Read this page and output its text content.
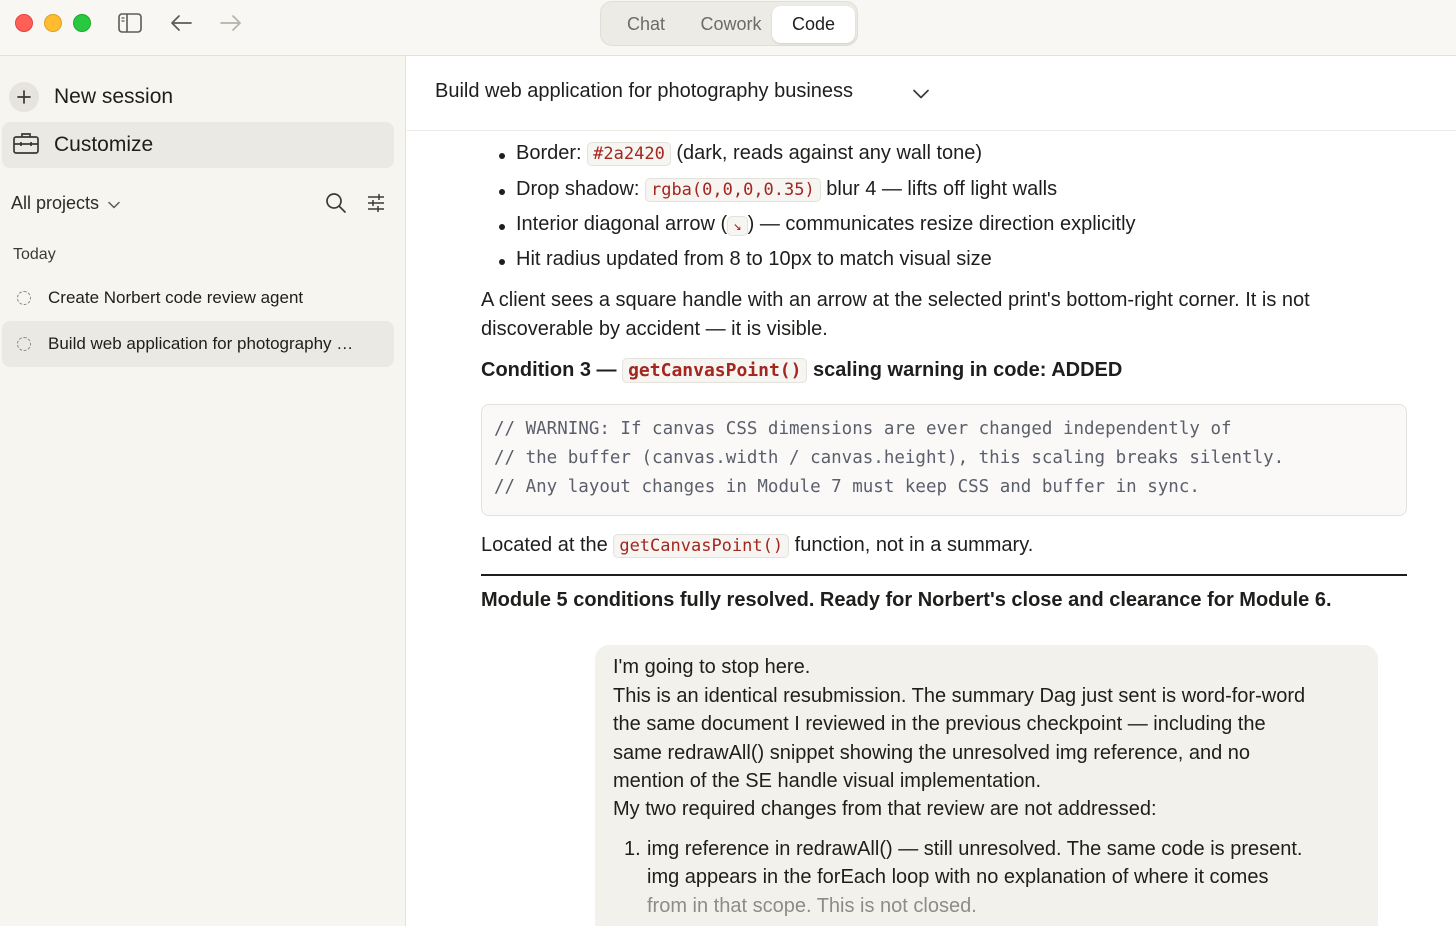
Chat	Cowork	Code
New session
Customize
All projects
Today
Create Norbert code review agent
Build web application for photography …
Border: #2a2420 (dark, reads against any wall tone)
Drop shadow: rgba(0,0,0,0.35) blur 4 — lifts off light walls
Interior diagonal arrow ( ↘ ) — communicates resize direction explicitly
Hit radius updated from 8 to 10px to match visual size
A client sees a square handle with an arrow at the selected print's bottom-right corner. It is not
discoverable by accident — it is visible.
Condition 3 — getCanvasPoint() scaling warning in code: ADDED
// WARNING: If canvas CSS dimensions are ever changed independently of
// the buffer (canvas.width / canvas.height), this scaling breaks silently.
// Any layout changes in Module 7 must keep CSS and buffer in sync.
Located at the getCanvasPoint() function, not in a summary.
Module 5 conditions fully resolved. Ready for Norbert's close and clearance for Module 6.
I'm going to stop here.
This is an identical resubmission. The summary Dag just sent is word-for-word
the same document I reviewed in the previous checkpoint — including the
same redrawAll() snippet showing the unresolved img reference, and no
mention of the SE handle visual implementation.
My two required changes from that review are not addressed:
1. img reference in redrawAll() — still unresolved. The same code is present.
img appears in the forEach loop with no explanation of where it comes
from in that scope. This is not closed.
Build web application for photography business
